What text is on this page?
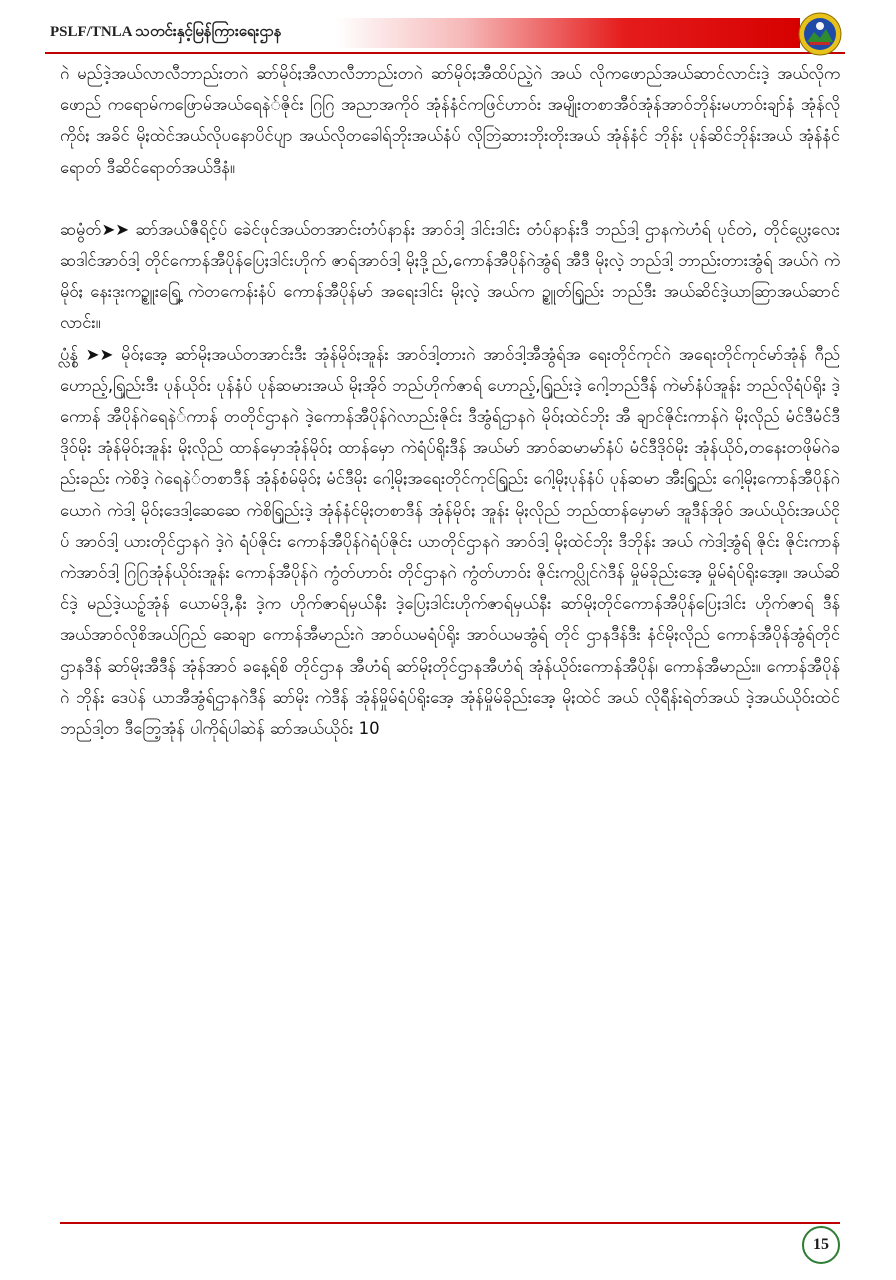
PSLF/TNLA သတင်းနှင့်မြန်ကြားရေးဌာန

ဂဲ မည်ဒဲ့အယ်လာလီဘာည်းတဂဲ ဆာ်မိုဝ်ႏအီလာလီဘာည်းတဂဲ ဆာ်မိုဝ်ႏအီထိပ်ညဲ့ဂဲ အယ် လိုကဖောည်အယ်ဆာင်လာင်းဒဲ့ အယ်လိုကဖောည် ကရောမ်ကဖြောမ်အယ်ရေနဲ်ဇိုင်း ဂြဂြ အညာအကိုဝ် အုံန်နံင်ကဖြင်ဟာဝ်း အမျိုးတစာအီဝ်အုံန်အာဝ်ဘိုန်းမဟာဝ်းချာ်နံ အုံန်လိုကိုဝ်ႏ အခိင် မိုႏထဲင်အယ်လိုပနောပိင်ပျာ အယ်လိုတခေါရ်ဘိုးအယ်နံပ် လိုဘြဲဆားဘိုးတိုးအယ် အုံန်နံင် ဘိုန်း ပုန်ဆိင်ဘိုန်းအယ် အုံန်နံင်ရောတ် ဒီဆိင်ရောတ်အယ်ဒီနံ။

ဆမွံတ်➤➤ ဆာ်အယ်ဇီရိင့်ပ် ခေဲင်ဖုင်အယ်တအာင်းတံပ်နာန်း အာဝ်ဒါ့ ဒါင်းဒါင်း တံပ်နာန်းဒီ ဘည်ဒါ့ ဌာနကဲဟံရ် ပုင်တဲ, တိုင်ပ္လေႈလေးဆဒါင်အာဝ်ဒါ့ တိုင်ကောန်အီပိုန်ပြေႈဒါင်းဟိုက် ဇာရ်အာဝ်ဒါ့ မိုႏဒို့ည်,ကောန်အီပိုန်ဂဲအွံရ် အီဒီ မိုႏလဲ့ ဘည်ဒါ့ ဘာည်းတားအွံရ် အယ်ဂဲ ကဲမိုဝ်ႏ နေးဒုးကဥ္စူးၡြေ့ ကဲတကေန်းနံပ် ကောန်အီပိုန်မာ် အရေးဒါင်း မိုႏလဲ့ အယ်က ဥ္စူတ်ၡြည်း ဘည်ဒီး အယ်ဆိင်ဒဲ့ယာဆြာအယ်ဆာင်လာင်း။

ပ္လွံန် ➤➤ မိုဝ်ႏအေ့ ဆာ်မိုႏအယ်တအာင်းဒီး အုံန်မိုဝ်ႏအူန်း အာဝ်ဒါ့တားဂဲ အာဝ်ဒါ့အီအွံရ်အ ရေးတိုင်ကုင်ဂဲ အရေးတိုင်ကုင်မာ်အုံန် ဂီည်ဟောည့်,ၡြည်းဒီး ပုန်ယိုဝ်း ပုန်နံပ် ပုန်ဆမားအယ် မိုႏအိုဝ် ဘည်ဟိုက်ဇာရ် ဟောည့်,ၡြည်းဒဲ့ ဂေါ့ဘည်ဒီန် ကဲမာ်နံပ်အူန်း ဘည်လိုရံပ်ရိုး ဒဲ့ကောန် အီပိုန်ဂဲရေနဲ်ကာန် တတိုင်ဌာနဂဲ ဒဲ့ကောန်အီပိုန်ဂဲလာည်းဇိုင်း ဒီအွံရ်ဌာနဂဲ မိုဝ်ႏထဲင်ဘိုး အီ ချာင်ဇိုင်းကာန်ဂဲ မိုႏလိုည် မံင်ဒီမံင်ဒီဒိုဝ်မိုး အုံန်မိုဝ်ႏအူန်း မိုႏလိုည် ထာန်မှောအုံန်မိုဝ်ႏ ထာန်မှော ကဲရံပ်ရိုးဒီန် အယ်မာ် အာဝ်ဆမာမာ်နံပ် မံင်ဒီဒိုဝ်မိုး အုံန်ယိုဝ်,တနေးတဖိုမ်ဂဲခည်းခည်း ကဲစိဒဲ့ ဂဲရေနဲ်တစာဒီန် အုံန်စံမ်မိုဝ်ႏ မံင်ဒီမိုး ဂေါ့မိုႏအရေးတိုင်ကုင်ၡြည်း ဂေါ့မိုႏပုန်နံပ် ပုန်ဆမာ အီးၡြည်း ဂေါ့မိုႏကောန်အီပိုန်ဂဲ ယောဂဲ ကဲဒါ့ မိုဝ်ႏဒေဒါ့ဆေဆေ ကဲစိၡြည်းဒဲ့ အုံန်နံင်မိုႏတစာဒီန် အုံန်မိုဝ်ႏ အူန်း မိုႏလိုည် ဘည်ထာန်မှောမာ် အူဒီန်အိုဝ် အယ်ယိုဝ်းအယ်ငိုပ် အာဝ်ဒါ့ ယားတိုင်ဌာနဂဲ ဒဲ့ဂဲ ရံပ်ဇိုင်း ကောန်အီပိုန်ဂဲရံပ်ဇိုင်း ယာတိုင်ဌာနဂဲ အာဝ်ဒါ့ မိုႏထဲင်ဘိုး ဒီဘိုန်း အယ် ကဲဒါ့အွံရ် ဇိုင်း ဇိုင်းကာန်ကဲအာဝ်ဒါ့ ဂြဂြအုံန်ယိုဝ်းအူန်း ကောန်အီပိုန်ဂဲ ကွံတ်ဟာဝ်း တိုင်ဌာနဂဲ ကွံတ်ဟာဝ်း ဇိုင်းကပ္လိုင်ဂဲဒီန် မှိုမ်ခိုည်းအေ့ မှိုမ်ရံပ်ရိုးအေ့။ အယ်ဆိင်ဒဲ့ မည်ဒဲ့ယဉ့်အုံန် ယောမ်ဒို,နီး ဒဲ့က ဟိုက်ဇာရ်မှယ်နီး ဒဲ့ပြေႈဒါင်းဟိုက်ဇာရ်မှယ်နီး ဆာ်မိုႏတိုင်ကောန်အီပိုန်ပြေႈဒါင်း ဟိုက်ဇာရ် ဒီန် အယ်အာဝ်လိုစိအယ်ဂြည် ဆေချာ ကောန်အီမာည်းဂဲ အာဝ်ယမရံပ်ရိုး အာဝ်ယမအွံရ် တိုင် ဌာနဒီန်ဒီး နံင်မိုႏလိုည် ကောန်အီပိုန်အွံရ်တိုင်ဌာနဒီန် ဆာ်မိုႏအီဒီန် အုံန်အာဝ် ခနေ့ရ်စိ တိုင်ဌာန အီဟံရ် ဆာ်မိုႏတိုင်ဌာနအီဟံရ် အုံန်ယိုဝ်းကောန်အီပိုန်၊ ကောန်အီမာည်း။ ကောန်အီပိုန်ဂဲ ဘိုန်း ဒေပဲန် ယာအီအွံရ်ဌာနဂဲဒီန် ဆာ်မိုး ကဲဒီန် အုံန်မှိုမ်ရံပ်ရိုးအေ့ အုံန်မှိုမ်ခိုည်းအေ့ မိုႏထဲင် အယ် လိုရီန်းရဲတ်အယ် ဒဲ့အယ်ယိုဝ်းထဲင် ဘည်ဒါ့တ ဒီဘြေ့အုံန် ပါကိုရ်ပါဆဲန် ဆာ်အယ်ယိုဝ်း 10

15
